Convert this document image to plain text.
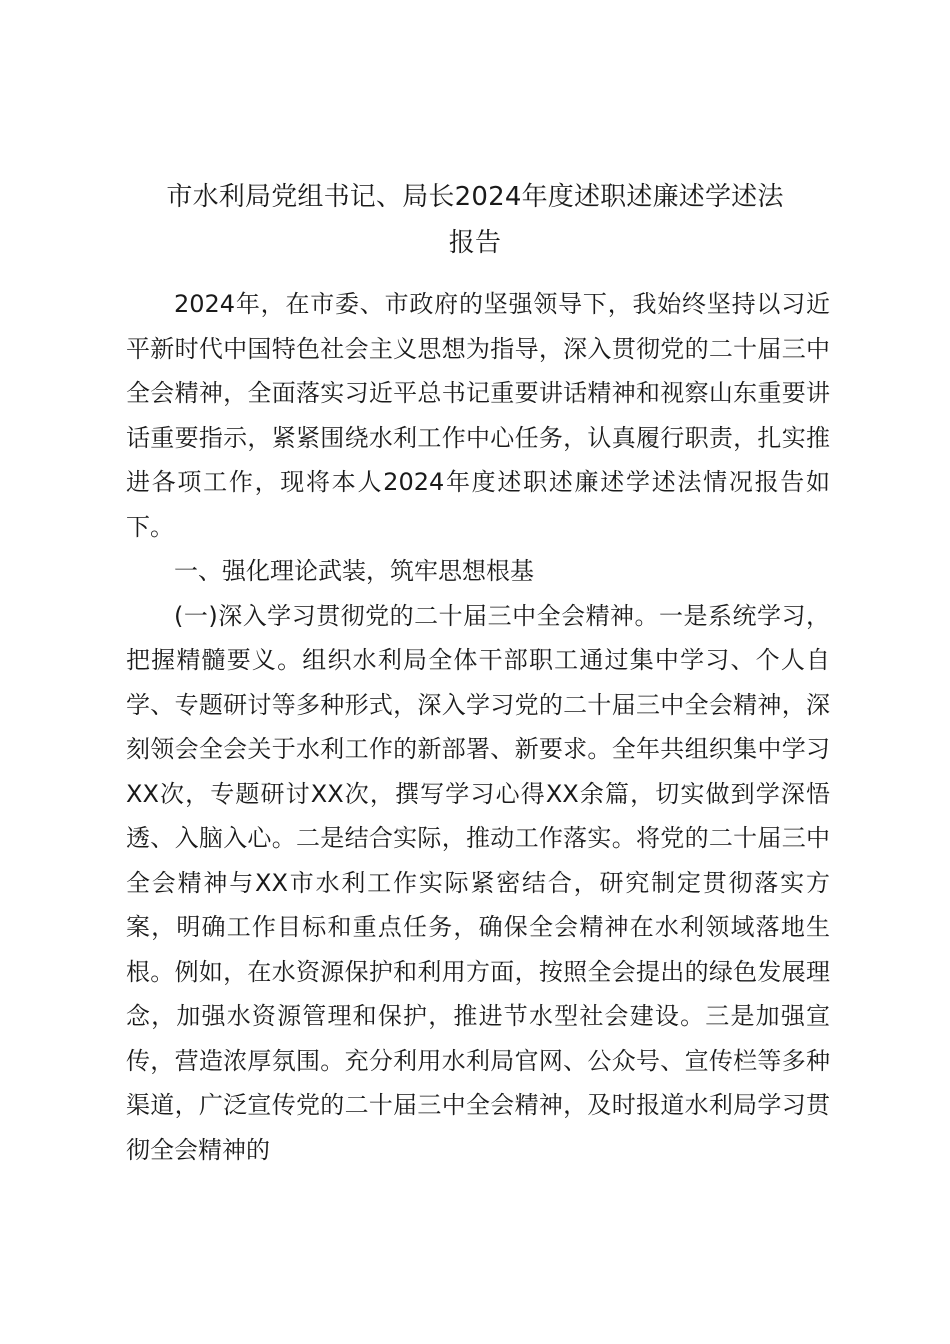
市水利局党组书记、局长2024年度述职述廉述学述法
报告

2024年，在市委、市政府的坚强领导下，我始终坚持以习近平新时代中国特色社会主义思想为指导，深入贯彻党的二十届三中全会精神，全面落实习近平总书记重要讲话精神和视察山东重要讲话重要指示，紧紧围绕水利工作中心任务，认真履行职责，扎实推进各项工作，现将本人2024年度述职述廉述学述法情况报告如下。

一、强化理论武装，筑牢思想根基

(一)深入学习贯彻党的二十届三中全会精神。一是系统学习，把握精髓要义。组织水利局全体干部职工通过集中学习、个人自学、专题研讨等多种形式，深入学习党的二十届三中全会精神，深刻领会全会关于水利工作的新部署、新要求。全年共组织集中学习XX次，专题研讨XX次，撰写学习心得XX余篇，切实做到学深悟透、入脑入心。二是结合实际，推动工作落实。将党的二十届三中全会精神与XX市水利工作实际紧密结合，研究制定贯彻落实方案，明确工作目标和重点任务，确保全会精神在水利领域落地生根。例如，在水资源保护和利用方面，按照全会提出的绿色发展理念，加强水资源管理和保护，推进节水型社会建设。三是加强宣传，营造浓厚氛围。充分利用水利局官网、公众号、宣传栏等多种渠道，广泛宣传党的二十届三中全会精神，及时报道水利局学习贯彻全会精神的
